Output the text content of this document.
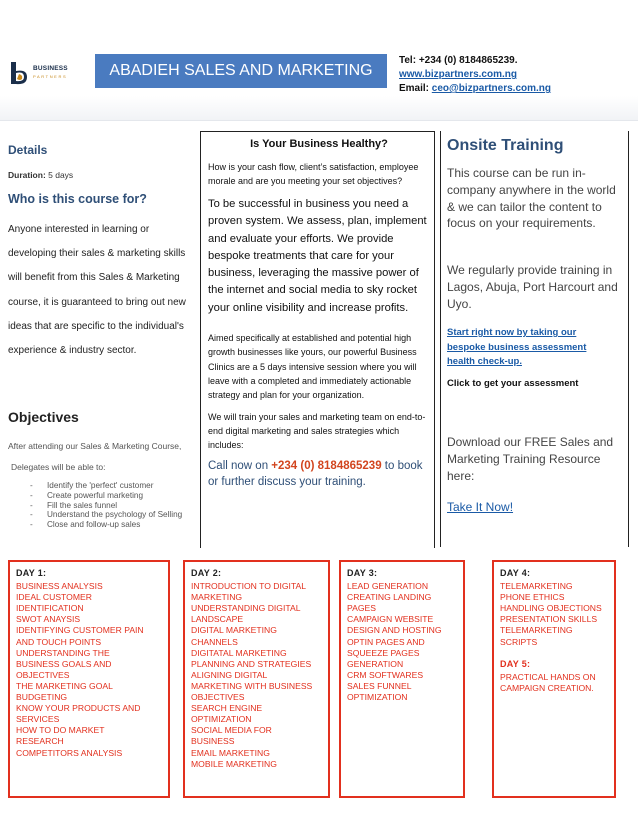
BUSINESS
PARTNERS	ABADIEH SALES AND MARKETING
Tel: +234 (0) 8184865239.
www.bizpartners.com.ng
Email: ceo@bizpartners.com.ng
Details
Duration: 5 days
Who is this course for?
Anyone interested in learning or developing their sales & marketing skills will benefit from this Sales & Marketing course, it is guaranteed to bring out new ideas that are specific to the individual's experience & industry sector.
Objectives
After attending our Sales & Marketing Course,
Delegates will be able to:
- Identify the 'perfect' customer
- Create powerful marketing
- Fill the sales funnel
- Understand the psychology of Selling
- Close and follow-up sales
Is Your Business Healthy?
How is your cash flow, client’s satisfaction, employee morale and are you meeting your set objectives?
To be successful in business you need a proven system. We assess, plan, implement and evaluate your efforts. We provide bespoke treatments that care for your business, leveraging the massive power of the internet and social media to sky rocket your online visibility and increase profits.
Aimed specifically at established and potential high growth businesses like yours, our powerful Business Clinics are a 5 days intensive session where you will leave with a completed and immediately actionable strategy and plan for your organization.
We will train your sales and marketing team on end-to-end digital marketing and sales strategies which includes:
Call now on +234 (0) 8184865239 to book or further discuss your training.
Onsite Training
This course can be run in-company anywhere in the world & we can tailor the content to focus on your requirements.
We regularly provide training in Lagos, Abuja, Port Harcourt and Uyo.
Start right now by taking our bespoke business assessment health check-up.
Click to get your assessment
Download our FREE Sales and Marketing Training Resource here:
Take It Now!
DAY 1:
BUSINESS ANALYSIS
IDEAL CUSTOMER
IDENTIFICATION
SWOT ANAYSIS
IDENTIFYING CUSTOMER PAIN
AND TOUCH POINTS
UNDERSTANDING THE
BUSINESS GOALS AND
OBJECTIVES
THE MARKETING GOAL
BUDGETING
KNOW YOUR PRODUCTS AND
SERVICES
HOW TO DO MARKET
RESEARCH
COMPETITORS ANALYSIS
DAY 2:
INTRODUCTION TO DIGITAL
MARKETING
UNDERSTANDING DIGITAL
LANDSCAPE
DIGITAL MARKETING
CHANNELS
DIGITATAL MARKETING
PLANNING AND STRATEGIES
ALIGNING DIGITAL
MARKETING WITH BUSINESS
OBJECTIVES
SEARCH ENGINE
OPTIMIZATION
SOCIAL MEDIA FOR
BUSINESS
EMAIL MARKETING
MOBILE MARKETING
DAY 3:
LEAD GENERATION
CREATING LANDING
PAGES
CAMPAIGN WEBSITE
DESIGN AND HOSTING
OPTIN PAGES AND
SQUEEZE PAGES
GENERATION
CRM SOFTWARES
SALES FUNNEL
OPTIMIZATION
DAY 4:
TELEMARKETING
PHONE ETHICS
HANDLING OBJECTIONS
PRESENTATION SKILLS
TELEMARKETING
SCRIPTS
DAY 5:
PRACTICAL HANDS ON
CAMPAIGN CREATION.
